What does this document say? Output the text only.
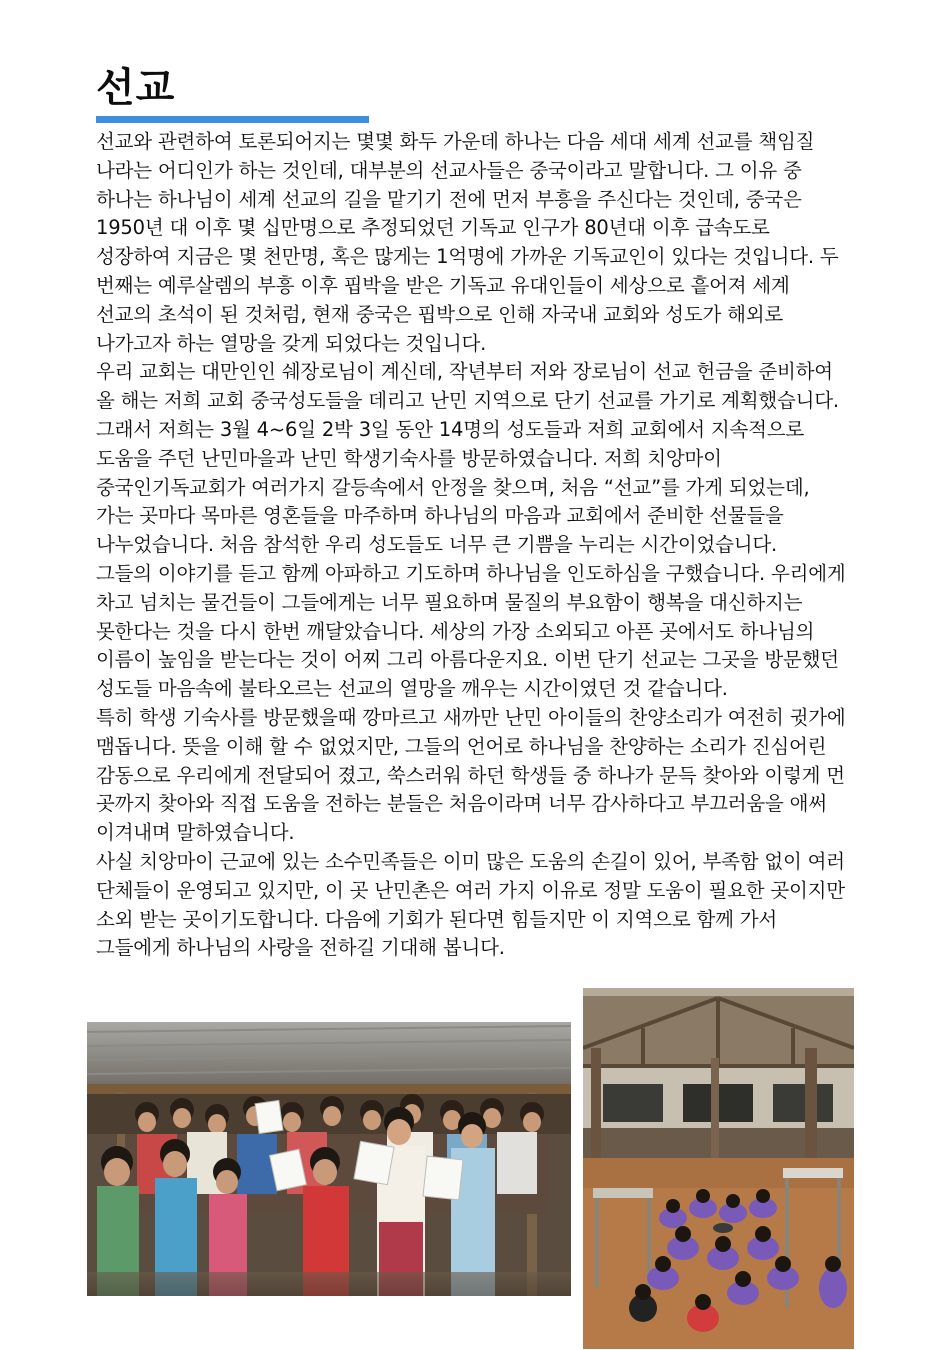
선교

선교와 관련하여 토론되어지는 몇몇 화두 가운데 하나는 다음 세대 세계 선교를 책임질 나라는 어디인가 하는 것인데, 대부분의 선교사들은 중국이라고 말합니다. 그 이유 중 하나는 하나님이 세계 선교의 길을 맡기기 전에 먼저 부흥을 주신다는 것인데, 중국은 1950년 대 이후 몇 십만명으로 추정되었던 기독교 인구가 80년대 이후 급속도로 성장하여 지금은 몇 천만명, 혹은 많게는 1억명에 가까운 기독교인이 있다는 것입니다. 두 번째는 예루살렘의 부흥 이후 핍박을 받은 기독교 유대인들이 세상으로 흩어져 세계 선교의 초석이 된 것처럼, 현재 중국은 핍박으로 인해 자국내 교회와 성도가 해외로 나가고자 하는 열망을 갖게 되었다는 것입니다.

우리 교회는 대만인인 쉐장로님이 계신데, 작년부터 저와 장로님이 선교 헌금을 준비하여 올 해는 저희 교회 중국성도들을 데리고 난민 지역으로 단기 선교를 가기로 계획했습니다. 그래서 저희는 3월 4~6일 2박 3일 동안 14명의 성도들과 저희 교회에서 지속적으로 도움을 주던 난민마을과 난민 학생기숙사를 방문하였습니다. 저희 치앙마이 중국인기독교회가 여러가지 갈등속에서 안정을 찾으며, 처음 “선교”를 가게 되었는데, 가는 곳마다 목마른 영혼들을 마주하며 하나님의 마음과 교회에서 준비한 선물들을 나누었습니다. 처음 참석한 우리 성도들도 너무 큰 기쁨을 누리는 시간이었습니다.

그들의 이야기를 듣고 함께 아파하고 기도하며 하나님을 인도하심을 구했습니다. 우리에게 차고 넘치는 물건들이 그들에게는 너무 필요하며 물질의 부요함이 행복을 대신하지는 못한다는 것을 다시 한번 깨달았습니다. 세상의 가장 소외되고 아픈 곳에서도 하나님의 이름이 높임을 받는다는 것이 어찌 그리 아름다운지요. 이번 단기 선교는 그곳을 방문했던 성도들 마음속에 불타오르는 선교의 열망을 깨우는 시간이였던 것 같습니다.

특히 학생 기숙사를 방문했을때 깡마르고 새까만 난민 아이들의 찬양소리가 여전히 귓가에 맴돕니다. 뜻을 이해 할 수 없었지만, 그들의 언어로 하나님을 찬양하는 소리가 진심어린 감동으로 우리에게 전달되어 졌고, 쑥스러워 하던 학생들 중 하나가 문득 찾아와 이렇게 먼 곳까지 찾아와 직접 도움을 전하는 분들은 처음이라며 너무 감사하다고 부끄러움을 애써 이겨내며 말하였습니다.

사실 치앙마이 근교에 있는 소수민족들은 이미 많은 도움의 손길이 있어, 부족함 없이 여러 단체들이 운영되고 있지만, 이 곳 난민촌은 여러 가지 이유로 정말 도움이 필요한 곳이지만 소외 받는 곳이기도합니다. 다음에 기회가 된다면 힘들지만 이 지역으로 함께 가서 그들에게 하나님의 사랑을 전하길 기대해 봅니다.
